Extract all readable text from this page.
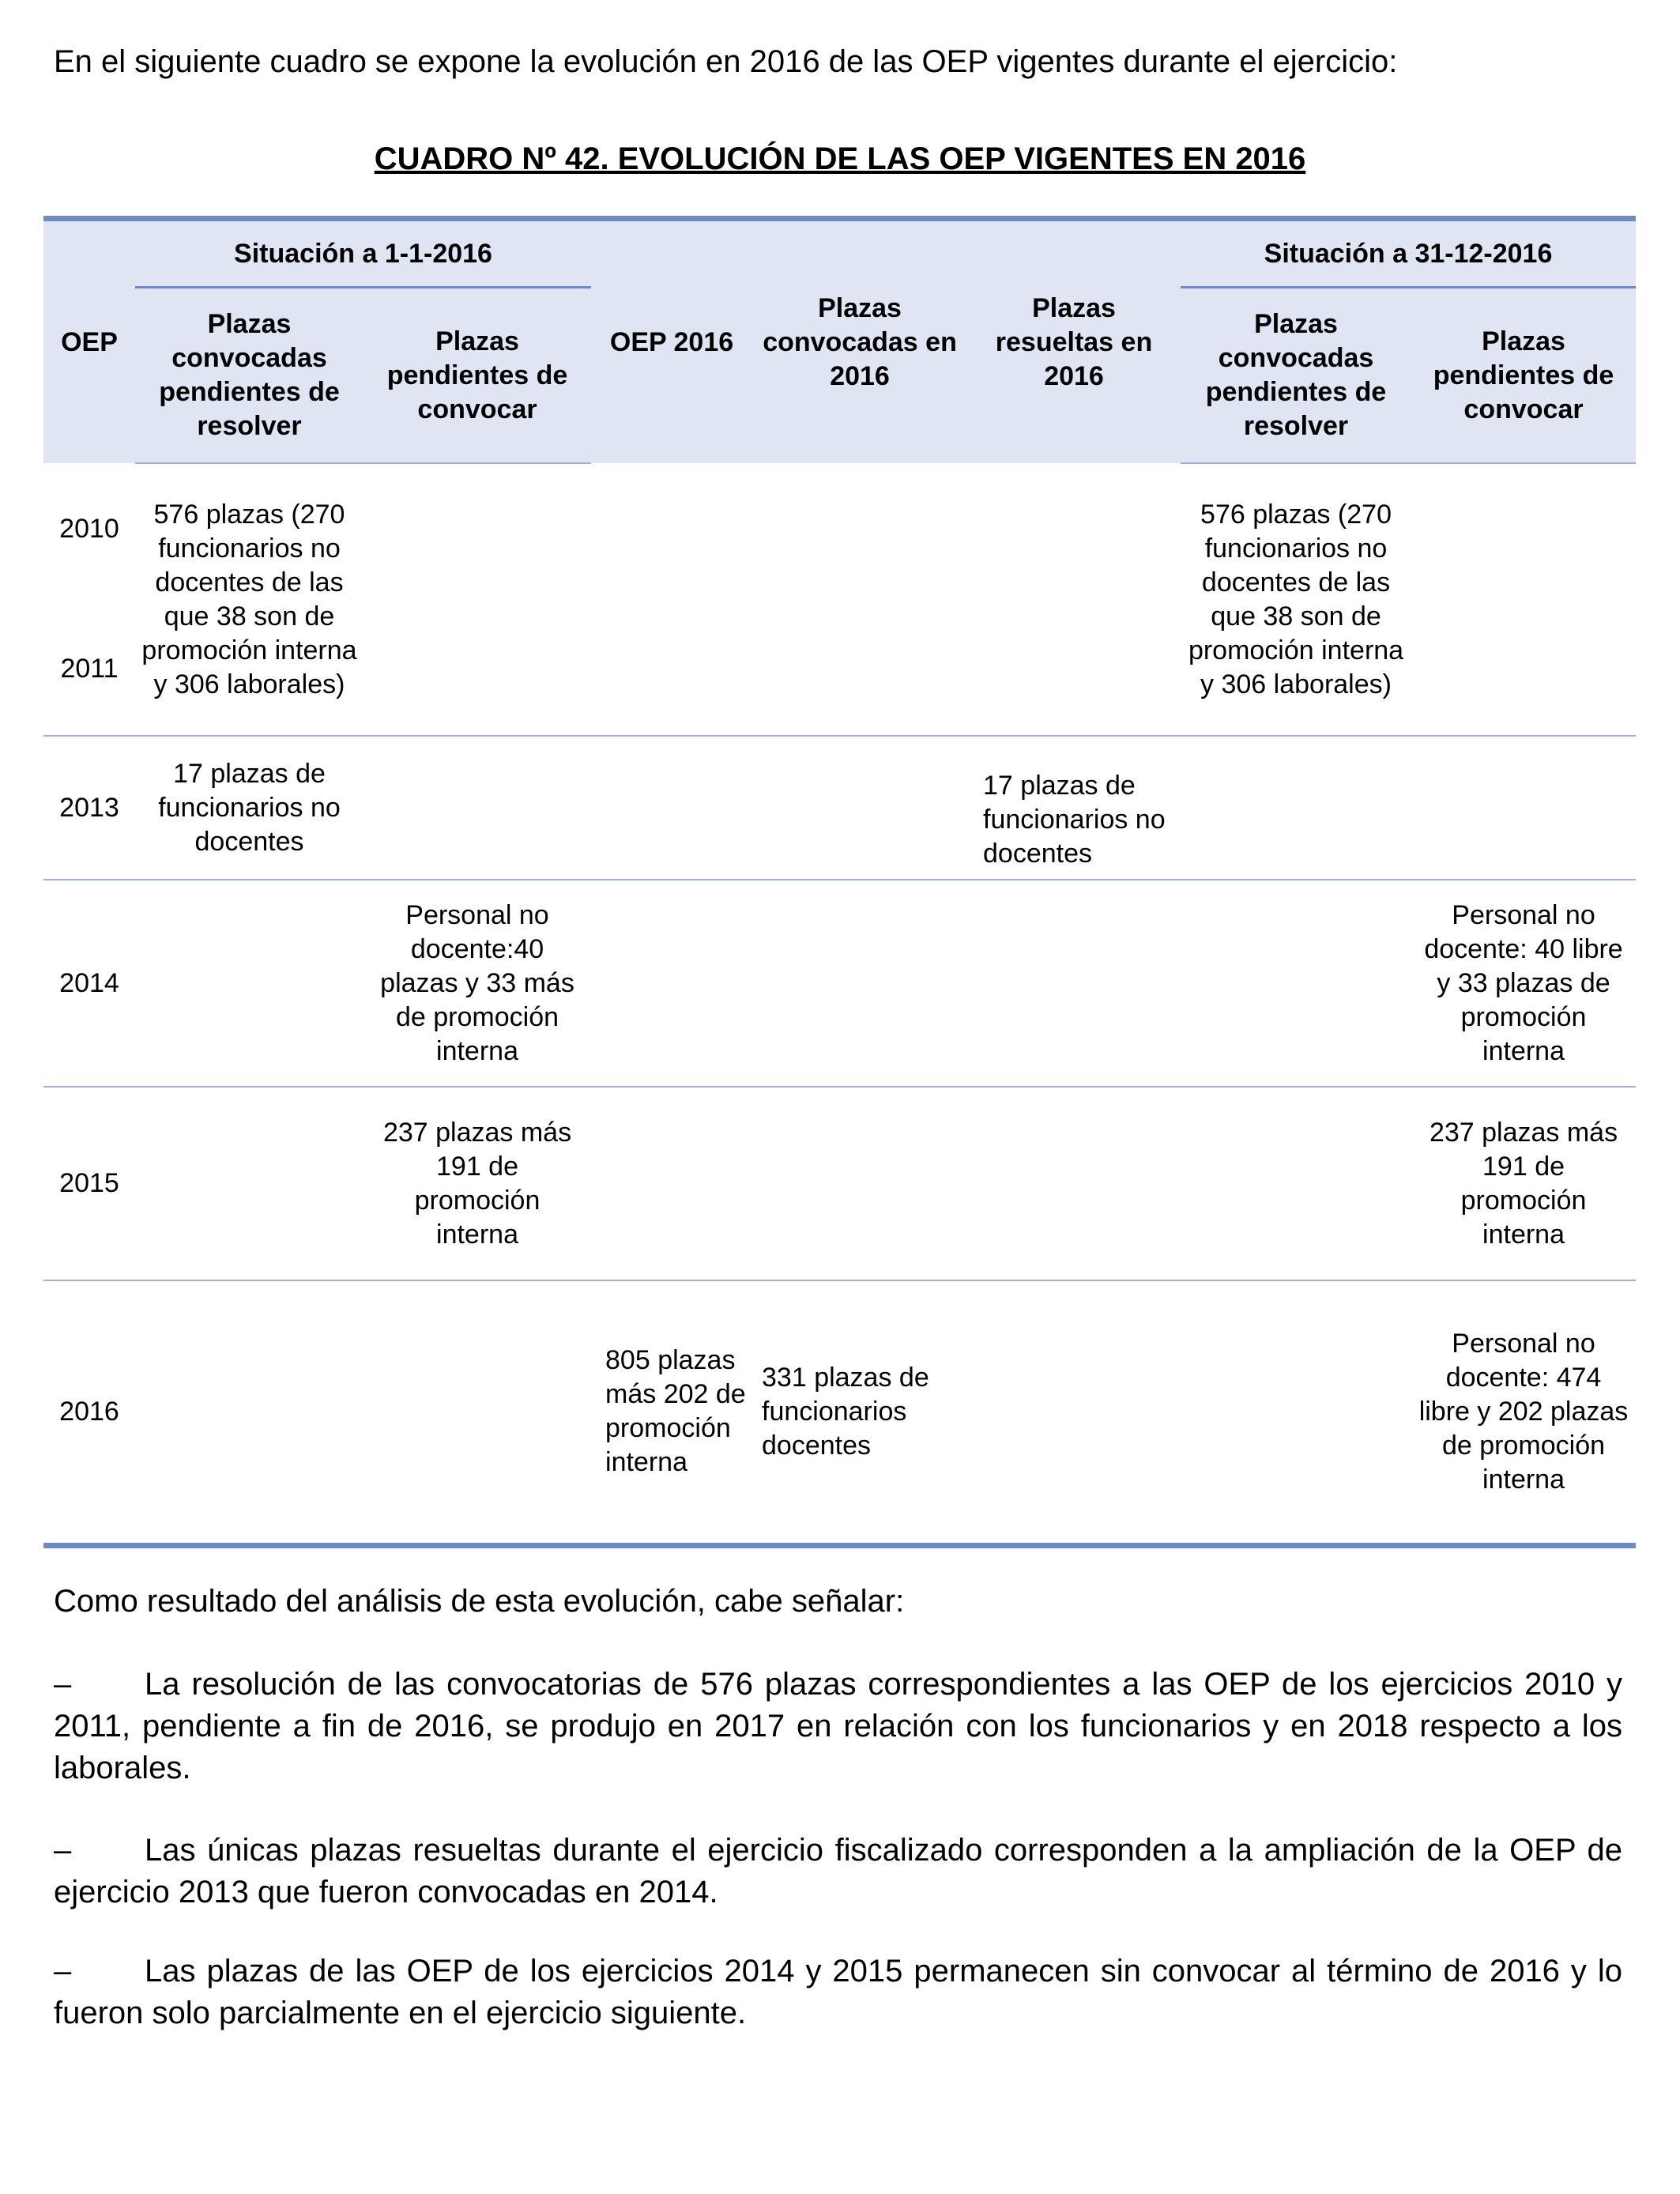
En el siguiente cuadro se expone la evolución en 2016 de las OEP vigentes durante el ejercicio:

CUADRO Nº 42. EVOLUCIÓN DE LAS OEP VIGENTES EN 2016

OEP	Situación a 1-1-2016		OEP 2016	Plazas convocadas en 2016	Plazas resueltas en 2016	Situación a 31-12-2016	
	Plazas convocadas pendientes de resolver	Plazas pendientes de convocar				Plazas convocadas pendientes de resolver	Plazas pendientes de convocar

2010
2011	576 plazas (270 funcionarios no docentes de las que 38 son de promoción interna y 306 laborales)					576 plazas (270 funcionarios no docentes de las que 38 son de promoción interna y 306 laborales)	
2013	17 plazas de funcionarios no docentes				17 plazas de funcionarios no docentes		
2014		Personal no docente:40 plazas y 33 más de promoción interna					Personal no docente: 40 libre y 33 plazas de promoción interna
2015		237 plazas más 191 de promoción interna					237 plazas más 191 de promoción interna
2016			805 plazas más 202 de promoción interna	331 plazas de funcionarios docentes			Personal no docente: 474 libre y 202 plazas de promoción interna

Como resultado del análisis de esta evolución, cabe señalar:

– La resolución de las convocatorias de 576 plazas correspondientes a las OEP de los ejercicios 2010 y 2011, pendiente a fin de 2016, se produjo en 2017 en relación con los funcionarios y en 2018 respecto a los laborales.

– Las únicas plazas resueltas durante el ejercicio fiscalizado corresponden a la ampliación de la OEP de ejercicio 2013 que fueron convocadas en 2014.

– Las plazas de las OEP de los ejercicios 2014 y 2015 permanecen sin convocar al término de 2016 y lo fueron solo parcialmente en el ejercicio siguiente.
